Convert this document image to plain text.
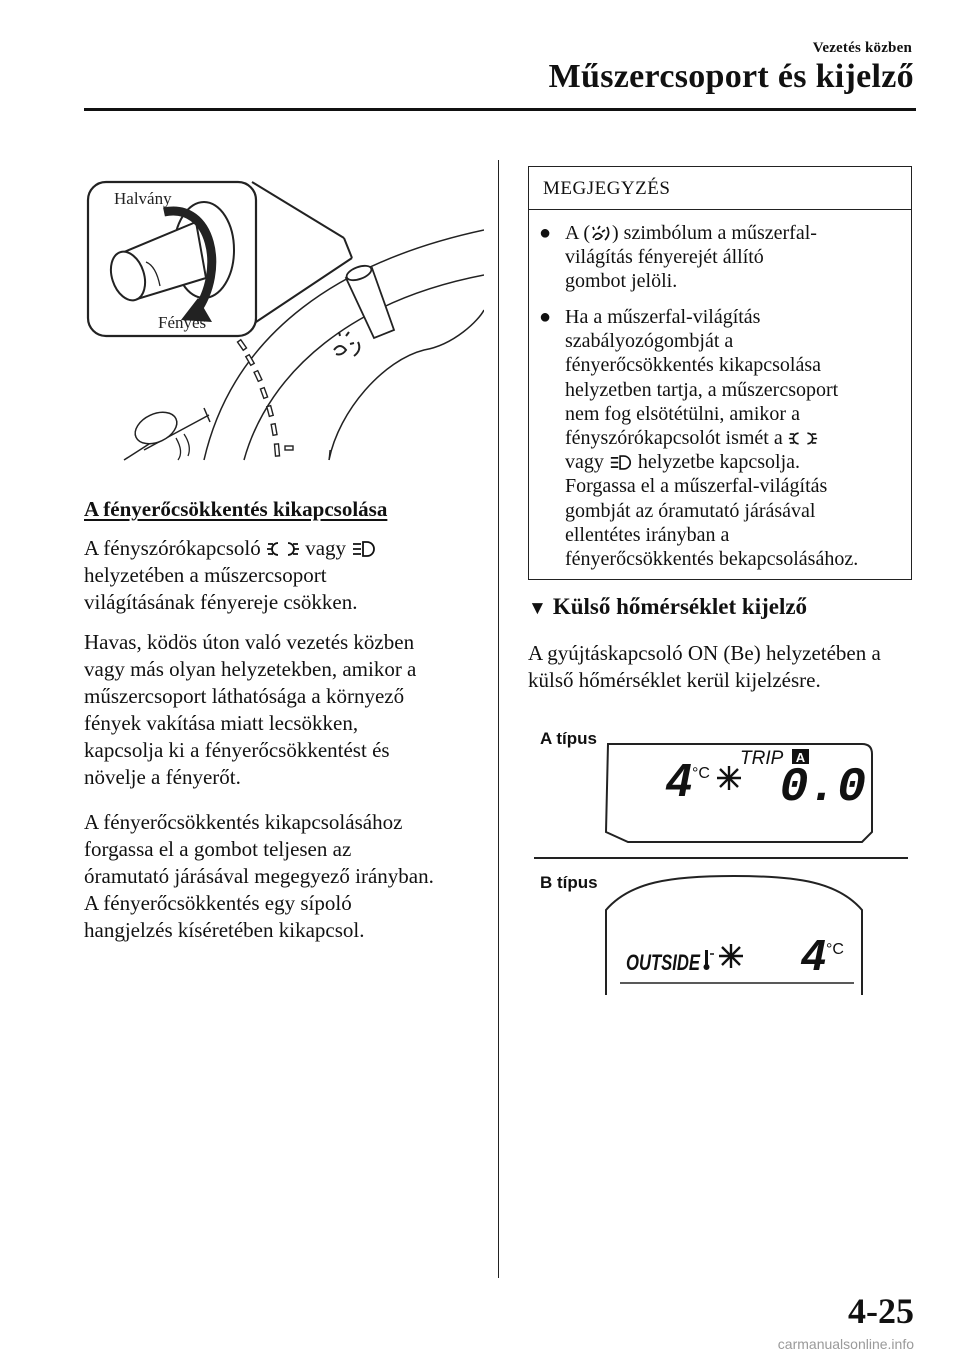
Vezetés közben
Műszercsoport és kijelző
Halvány
Fényes
A fényerőcsökkentés kikapcsolása
A fényszórókapcsoló vagy
helyzetében a műszercsoport
világításának fényereje csökken.
Havas, ködös úton való vezetés közben
vagy más olyan helyzetekben, amikor a
műszercsoport láthatósága a környező
fények vakítása miatt lecsökken,
kapcsolja ki a fényerőcsökkentést és
növelje a fényerőt.
A fényerőcsökkentés kikapcsolásához
forgassa el a gombot teljesen az
óramutató járásával megegyező irányban.
A fényerőcsökkentés egy sípoló
hangjelzés kíséretében kikapcsol.
MEGJEGYZÉS
● A ( ) szimbólum a műszerfal-
világítás fényerejét állító
gombot jelöli.
● Ha a műszerfal-világítás
szabályozógombját a
fényerőcsökkentés kikapcsolása
helyzetben tartja, a műszercsoport
nem fog elsötétülni, amikor a
fényszórókapcsolót ismét a
vagy helyzetbe kapcsolja.
Forgassa el a műszerfal-világítás
gombját az óramutató járásával
ellentétes irányban a
fényerőcsökkentés bekapcsolásához.
▼ Külső hőmérséklet kijelző
A gyújtáskapcsoló ON (Be) helyzetében a
külső hőmérséklet kerül kijelzésre.
A típus
4 °C
TRIP A
0.0
B típus
OUTSIDE 4 °C
4-25
carmanualsonline.info
